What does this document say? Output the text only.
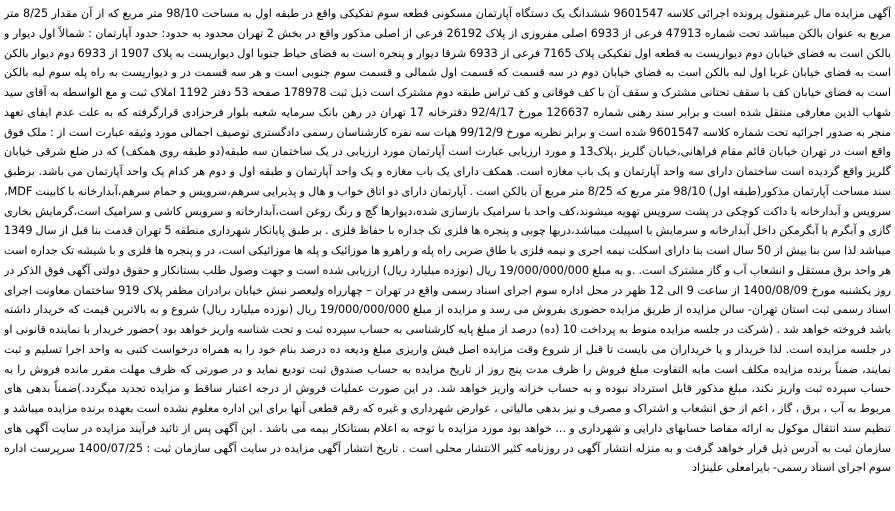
آگهی مزایده مال غیرمنقول پرونده اجرائی کلاسه 9601547 ششدانگ یک دستگاه آپارتمان مسکونی قطعه سوم تفکیکی واقع در طبقه اول به مساحت 98/10 متر مربع که از آن مقدار 8/25 متر مربع به عنوان بالکن میباشد تحت شماره 47913 فرعی از 6933 اصلی مفروزی از پلاک 26192 فرعی از اصلی مذکور واقع در بخش 2 تهران محدود به حدود: حدود آپارتمان : شمالاً اول دیوار و بالکن است به فضای خیابان دوم دیواریست به قطعه اول تفکیکی پلاک 7165 فرعی از 6933 شرقا دیوار و پنجره است به فضای حیاط جنوبا اول دیواریست به پلاک 1907 از 6933 دوم دیوار بالکن است به فضای خیابان غربا اول لبه بالکن است به فضای خیابان دوم در سه قسمت که قسمت اول شمالی و قسمت سوم جنوبی است و هر سه قسمت در و دیواریست به راه پله سوم لبه بالکن است به فضای خیابان کف با سقف تحتانی مشترک و سقف آن با کف فوقانی و کف تراس طبقه دوم مشترک است ذیل ثبت 178978 صفحه 53 دفتر 1192 املاک ثبت و مع الواسطه به آقای سید شهاب الدین معارفی منتقل شده است و برابر سند رهنی شماره 126637 مورخ 92/4/17 دفترخانه 17 تهران در رهن بانک سرمایه شعبه بلوار فرحزادی قرارگرفته که به علت عدم ایفای تعهد منجر به صدور اجرائیه تحت شماره کلاسه 9601547 شده است و برابر نظریه مورخ 99/12/9 هیات سه نفره کارشناسان رسمی دادگستری توصیف اجمالی مورد وثیقه عبارت است از : ملک فوق واقع است در تهران خیابان قائم مقام فراهانی،خیابان گلریز ،پلاک13 و مورد ارزیابی عبارت است آپارتمان مورد ارزیابی در یک ساختمان سه طبقه(دو طبقه روی همکف) که در ضلع شرقی خیابان گلریز واقع گردیده است ساختمان دارای سه واحد آپارتمان و یک باب مغازه است. همکف دارای یک باب مغازه و یک واحد آپارتمان و طبقه اول و دوم هر کدام یک واحد آپارتمان می باشد. برطبق سند مساحت آپارتمان مذکور(طبقه اول) 98/10 متر مربع که 8/25 متر مربع آن بالکن است . آپارتمان دارای دو اتاق خواب و هال و پذیرایی سرهم،سرویس و حمام سرهم،آبدارخانه با کابینت MDF، سرویس و آبدارخانه با داکت کوچکی در پشت سرویس تهویه میشوند،کف واحد با سرامیک بازسازی شده،دیوارها گچ و رنگ روغن است،آبدارخانه و سرویس کاشی و سرامیک است،گرمایش بخاری گازی و آبگرم با آبگرمکن داخل آبدارخانه و سرمایش با اسپیلت میباشد،دربها چوبی و پنجره ها فلزی تک جداره با حفاظ فلزی . بر طبق پایانکار شهرداری منطقه 5 تهران قدمت بنا قبل از سال 1349 میباشد لذا سن بنا بیش از 50 سال است بنا دارای اسکلت نیمه اجری و نیمه فلزی با طاق ضربی راه پله و راهرو ها موزائیک و پله ها موزائیکی است، در و پنجره ها فلزی و با شیشه تک جداره است هر واحد برق مستقل و انشعاب آب و گاز مشترک است. .و به مبلغ 19/000/000/000 ریال (نوزده میلیارد ریال) ارزیابی شده است و جهت وصول طلب بستانکار و حقوق دولتی آگهی فوق الذکر در روز یکشنبه مورخ 1400/08/09 از ساعت 9 الی 12 ظهر در محل اداره سوم اجرای اسناد رسمی واقع در تهران – چهارراه ولیعصر نبش خیابان برادران مظفر پلاک 919 ساختمان معاونت اجرای اسناد رسمی ثبت استان تهران- سالن مزایده از طریق مزایده حضوری بفروش می رسد و مزایده از مبلغ 19/000/000/000 ریال (نوزده میلیارد ریال) شروع و به بالاترین قیمت که خریدار داشته باشد فروخته خواهد شد . (شرکت در جلسه مزایده منوط به پرداخت 10 (ده) درصد از مبلغ پایه کارشناسی به حساب سپرده ثبت و تحت شناسه واریز خواهد بود )حضور خریدار با نماینده قانونی او در جلسه مزایده است. لذا خریدار و یا خریداران می بایست تا قبل از شروع وقت مزایده اصل فیش واریزی مبلغ ودیعه ده درصد بنام خود را به همراه درخواست کتبی به واحد اجرا تسلیم و ثبت نمایند، ضمناً برنده مزایده مکلف است مابه التفاوت مبلغ فروش را ظرف مدت پنج روز از تاریخ مزایده به حساب صندوق ثبت تودیع نماید و در صورتی که ظرف مهلت مقرر مانده فروش را به حساب سپرده ثبت واریز نکند، مبلغ مذکور قابل استرداد نبوده و به حساب خزانه واریز خواهد شد. در این صورت عملیات فروش از درجه اعتبار ساقط و مزایده تجدید میگردد.)ضمناً بدهی های مربوط به آب ، برق ، گاز ، اعم از حق انشعاب و اشتراک و مصرف و نیز بدهی مالیاتی ، عوارض شهرداری و غیره که رقم قطعی آنها برای این اداره معلوم نشده است بعهده برنده مزایده میباشد و تنظیم سند انتقال موکول به ارائه مفاصا حسابهای دارایی و شهرداری و ... خواهد بود مورد مزایده با توجه به اعلام بستانکار بیمه می باشد . این آگهی پس از تائید فرآیند مزایده در سایت آگهی های سازمان ثبت به آدرس ذیل قرار خواهد گرفت و به منزله انتشار آگهی در روزنامه کثیر الانتشار محلی است . تاریخ انتشار آگهی مزایده در سایت آگهی سازمان ثبت : 1400/07/25 سرپرست اداره سوم اجرای اسناد رسمی- بایرامعلی علینژاد
